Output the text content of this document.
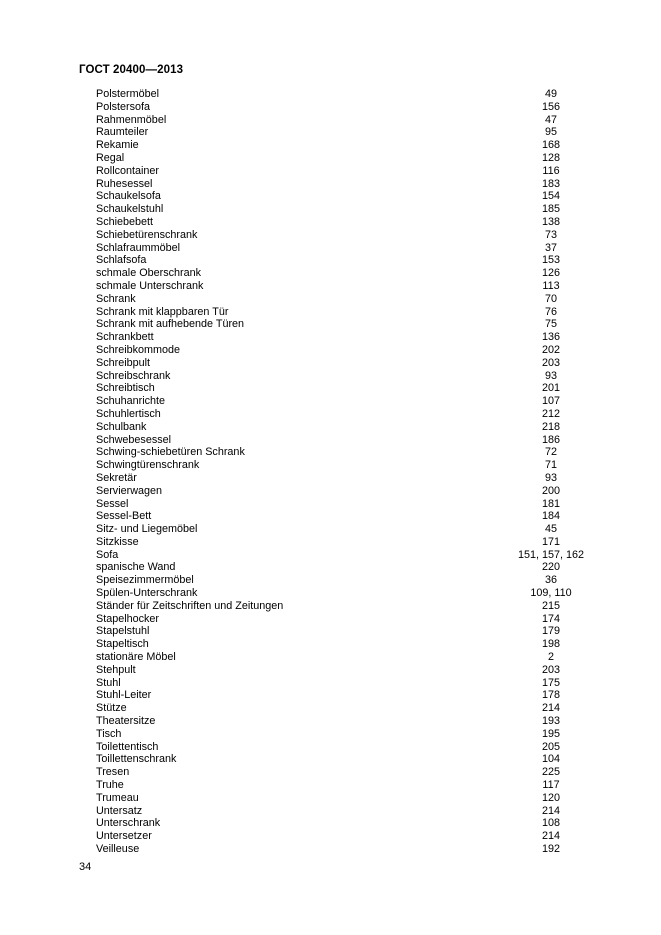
ГОСТ 20400—2013
Polstermöbel	49
Polstersofa	156
Rahmenmöbel	47
Raumteiler	95
Rekamie	168
Regal	128
Rollcontainer	116
Ruhesessel	183
Schaukelsofa	154
Schaukelstuhl	185
Schiebebett	138
Schiebetürenschrank	73
Schlafraummöbel	37
Schlafsofa	153
schmale Oberschrank	126
schmale Unterschrank	113
Schrank	70
Schrank mit klappbaren Tür	76
Schrank mit aufhebende Türen	75
Schrankbett	136
Schreibkommode	202
Schreibpult	203
Schreibschrank	93
Schreibtisch	201
Schuhanrichte	107
Schuhlertisch	212
Schulbank	218
Schwebesessel	186
Schwing-schiebetüren Schrank	72
Schwingtürenschrank	71
Sekretär	93
Servierwagen	200
Sessel	181
Sessel-Bett	184
Sitz- und Liegemöbel	45
Sitzkisse	171
Sofa	151, 157, 162
spanische Wand	220
Speisezimmermöbel	36
Spülen-Unterschrank	109, 110
Ständer für Zeitschriften und Zeitungen	215
Stapelhocker	174
Stapelstuhl	179
Stapeltisch	198
stationäre Möbel	2
Stehpult	203
Stuhl	175
Stuhl-Leiter	178
Stütze	214
Theatersitze	193
Tisch	195
Toilettentisch	205
Toillettenschrank	104
Tresen	225
Truhe	117
Trumeau	120
Untersatz	214
Unterschrank	108
Untersetzer	214
Veilleuse	192
34
